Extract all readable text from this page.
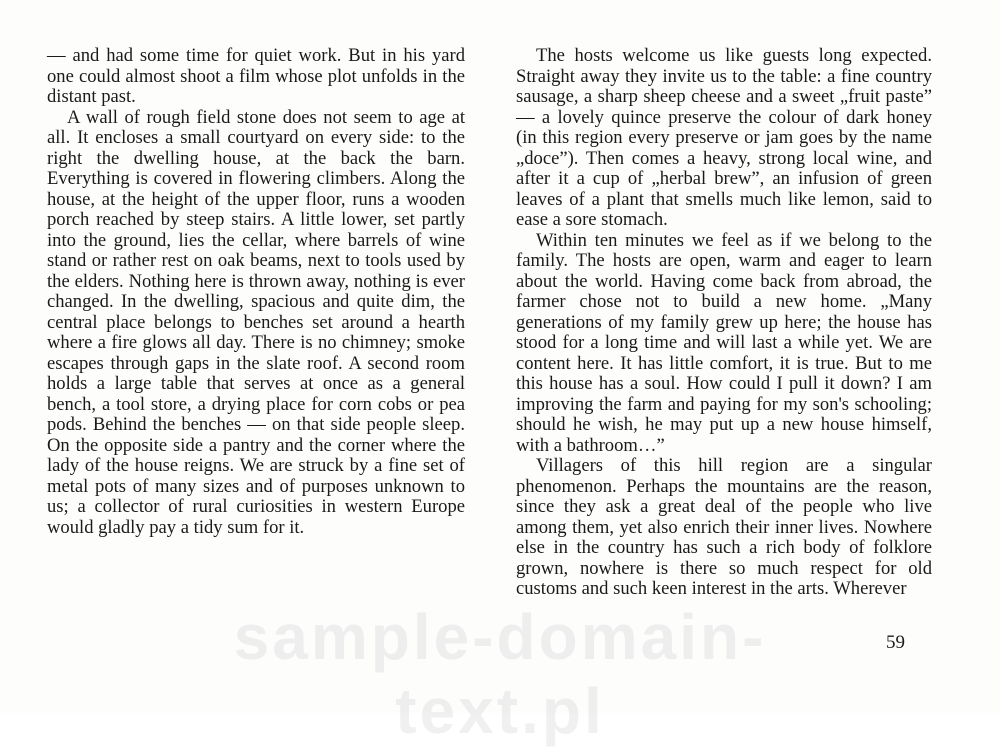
— and had some time for quiet work. But in his yard one could almost shoot a film whose plot unfolds in the distant past.

A wall of rough field stone does not seem to age at all. It encloses a small courtyard on every side: to the right the dwelling house, at the back the barn. Everything is covered in flowering climbers. Along the house, at the height of the upper floor, runs a wooden porch reached by steep stairs. A little lower, set partly into the ground, lies the cellar, where barrels of wine stand or rather rest on oak beams, next to tools used by the elders. Nothing here is thrown away, nothing is ever changed. In the dwelling, spacious and quite dim, the central place belongs to benches set around a hearth where a fire glows all day. There is no chimney; smoke escapes through gaps in the slate roof. A second room holds a large table that serves at once as a general bench, a tool store, a drying place for corn cobs or pea pods. Behind the benches — on that side people sleep. On the opposite side a pantry and the corner where the lady of the house reigns. We are struck by a fine set of metal pots of many sizes and of purposes unknown to us; a collector of rural curiosities in western Europe would gladly pay a tidy sum for it.

The hosts welcome us like guests long expected. Straight away they invite us to the table: a fine country sausage, a sharp sheep cheese and a sweet „fruit paste” — a lovely quince preserve the colour of dark honey (in this region every preserve or jam goes by the name „doce”). Then comes a heavy, strong local wine, and after it a cup of „herbal brew”, an infusion of green leaves of a plant that smells much like lemon, said to ease a sore stomach.

Within ten minutes we feel as if we belong to the family. The hosts are open, warm and eager to learn about the world. Having come back from abroad, the farmer chose not to build a new home. „Many generations of my family grew up here; the house has stood for a long time and will last a while yet. We are content here. It has little comfort, it is true. But to me this house has a soul. How could I pull it down? I am improving the farm and paying for my son's schooling; should he wish, he may put up a new house himself, with a bathroom…”

Villagers of this hill region are a singular phenomenon. Perhaps the mountains are the reason, since they ask a great deal of the people who live among them, yet also enrich their inner lives. Nowhere else in the country has such a rich body of folklore grown, nowhere is there so much respect for old customs and such keen interest in the arts. Wherever

59
sample-domain-text.pl
